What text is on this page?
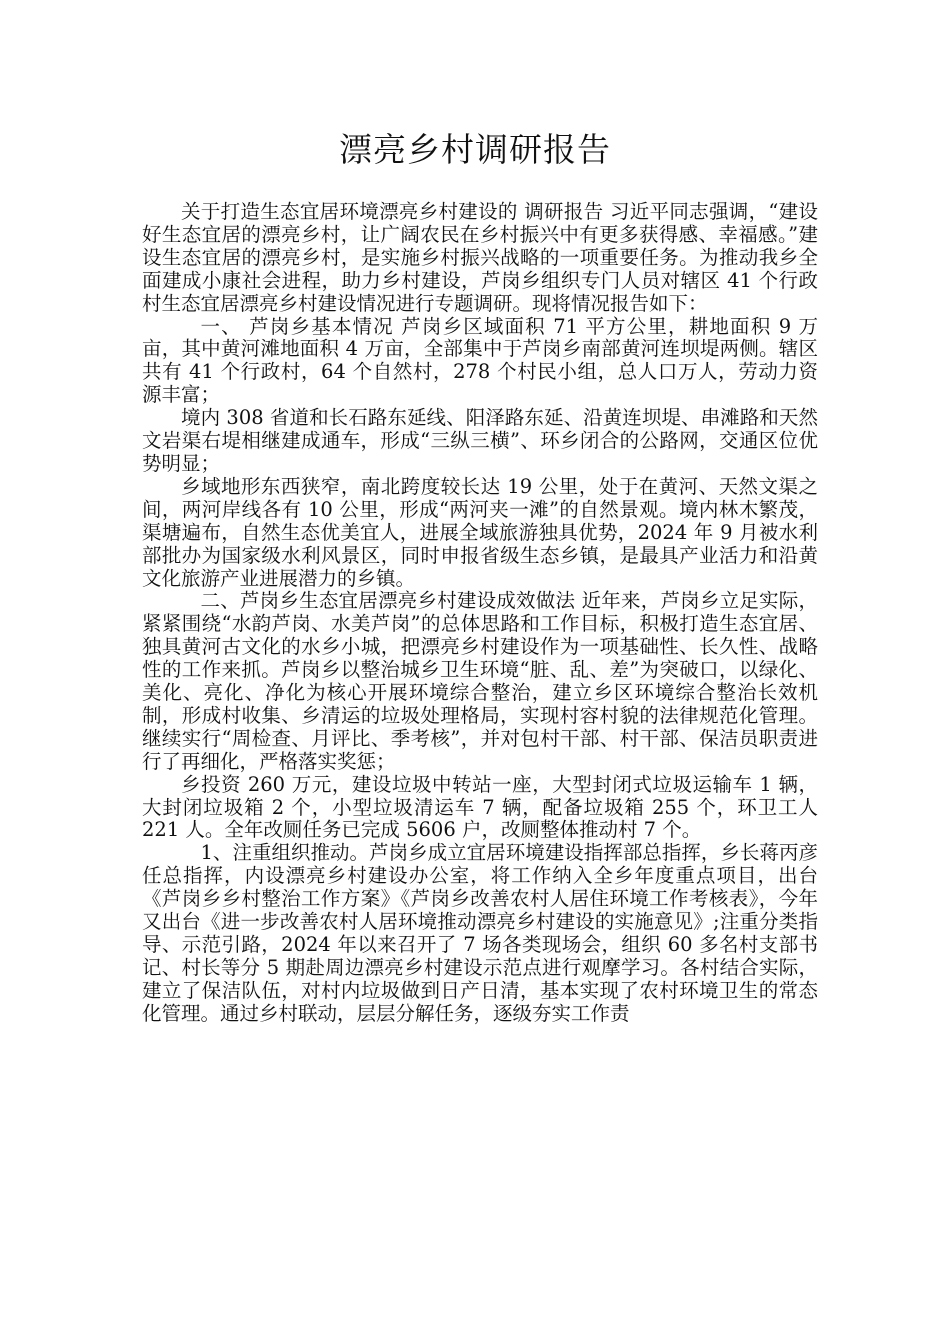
漂亮乡村调研报告

关于打造生态宜居环境漂亮乡村建设的 调研报告 习近平同志强调，“建设好生态宜居的漂亮乡村，让广阔农民在乡村振兴中有更多获得感、幸福感。”建设生态宜居的漂亮乡村，是实施乡村振兴战略的一项重要任务。为推动我乡全面建成小康社会进程，助力乡村建设，芦岗乡组织专门人员对辖区 41 个行政村生态宜居漂亮乡村建设情况进行专题调研。现将情况报告如下：

一、 芦岗乡基本情况 芦岗乡区域面积 71 平方公里，耕地面积 9 万亩，其中黄河滩地面积 4 万亩，全部集中于芦岗乡南部黄河连坝堤两侧。辖区共有 41 个行政村，64 个自然村，278 个村民小组，总人口万人，劳动力资源丰富；

境内 308 省道和长石路东延线、阳泽路东延、沿黄连坝堤、串滩路和天然文岩渠右堤相继建成通车，形成“三纵三横”、环乡闭合的公路网，交通区位优势明显；

乡域地形东西狭窄，南北跨度较长达 19 公里，处于在黄河、天然文渠之间，两河岸线各有 10 公里，形成“两河夹一滩”的自然景观。境内林木繁茂，渠塘遍布，自然生态优美宜人，进展全域旅游独具优势，2024 年 9 月被水利部批办为国家级水利风景区，同时申报省级生态乡镇，是最具产业活力和沿黄文化旅游产业进展潜力的乡镇。

二、芦岗乡生态宜居漂亮乡村建设成效做法 近年来，芦岗乡立足实际，紧紧围绕“水韵芦岗、水美芦岗”的总体思路和工作目标，积极打造生态宜居、独具黄河古文化的水乡小城，把漂亮乡村建设作为一项基础性、长久性、战略性的工作来抓。芦岗乡以整治城乡卫生环境“脏、乱、差”为突破口，以绿化、美化、亮化、净化为核心开展环境综合整治，建立乡区环境综合整治长效机制，形成村收集、乡清运的垃圾处理格局，实现村容村貌的法律规范化管理。继续实行“周检查、月评比、季考核”，并对包村干部、村干部、保洁员职责进行了再细化，严格落实奖惩；

乡投资 260 万元，建设垃圾中转站一座，大型封闭式垃圾运输车 1 辆，大封闭垃圾箱 2 个，小型垃圾清运车 7 辆，配备垃圾箱 255 个，环卫工人 221 人。全年改厕任务已完成 5606 户，改厕整体推动村 7 个。

1、注重组织推动。芦岗乡成立宜居环境建设指挥部总指挥，乡长蒋丙彦任总指挥，内设漂亮乡村建设办公室，将工作纳入全乡年度重点项目，出台《芦岗乡乡村整治工作方案》《芦岗乡改善农村人居住环境工作考核表》，今年又出台《进一步改善农村人居环境推动漂亮乡村建设的实施意见》;注重分类指导、示范引路，2024 年以来召开了 7 场各类现场会，组织 60 多名村支部书记、村长等分 5 期赴周边漂亮乡村建设示范点进行观摩学习。各村结合实际，建立了保洁队伍，对村内垃圾做到日产日清，基本实现了农村环境卫生的常态化管理。通过乡村联动，层层分解任务，逐级夯实工作责
